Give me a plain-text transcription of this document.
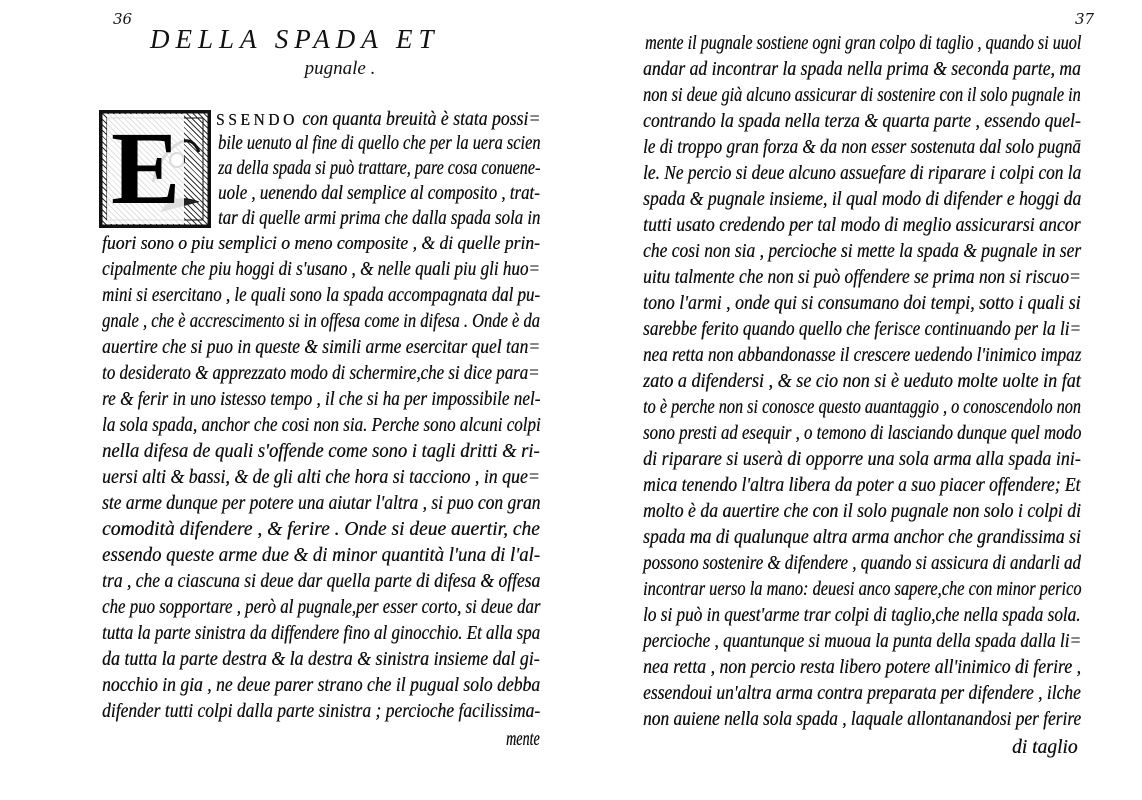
36
DELLA SPADA ET
pugnale .
E SSENDO con quanta breuità è stata possi=
bile uenuto al fine di quello che per la uera scien
za della spada si può trattare, pare cosa conuene-
uole , uenendo dal semplice al composito , trat-
tar di quelle armi prima che dalla spada sola in
fuori sono o piu semplici o meno composite , & di quelle prin-
cipalmente che piu hoggi di s'usano , & nelle quali piu gli huo=
mini si esercitano , le quali sono la spada accompagnata dal pu-
gnale , che è accrescimento si in offesa come in difesa . Onde è da
auertire che si puo in queste & simili arme esercitar quel tan=
to desiderato & apprezzato modo di schermire,che si dice para=
re & ferir in uno istesso tempo , il che si ha per impossibile nel-
la sola spada, anchor che cosi non sia. Perche sono alcuni colpi
nella difesa de quali s'offende come sono i tagli dritti & ri-
uersi alti & bassi, & de gli alti che hora si tacciono , in que=
ste arme dunque per potere una aiutar l'altra , si puo con gran
comodità difendere , & ferire . Onde si deue auertir, che
essendo queste arme due & di minor quantità l'una di l'al-
tra , che a ciascuna si deue dar quella parte di difesa & offesa
che puo sopportare , però al pugnale,per esser corto, si deue dar
tutta la parte sinistra da diffendere fino al ginocchio. Et alla spa
da tutta la parte destra & la destra & sinistra insieme dal gi-
nocchio in gia , ne deue parer strano che il pugual solo debba
difender tutti colpi dalla parte sinistra ; percioche facilissima-
mente
37
mente il pugnale sostiene ogni gran colpo di taglio , quando si uuol
andar ad incontrar la spada nella prima & seconda parte, ma
non si deue già alcuno assicurar di sostenire con il solo pugnale in
contrando la spada nella terza & quarta parte , essendo quel-
le di troppo gran forza & da non esser sostenuta dal solo pugnā
le. Ne percio si deue alcuno assuefare di riparare i colpi con la
spada & pugnale insieme, il qual modo di difender e hoggi da
tutti usato credendo per tal modo di meglio assicurarsi ancor
che cosi non sia , percioche si mette la spada & pugnale in ser
uitu talmente che non si può offendere se prima non si riscuo=
tono l'armi , onde qui si consumano doi tempi, sotto i quali si
sarebbe ferito quando quello che ferisce continuando per la li=
nea retta non abbandonasse il crescere uedendo l'inimico impaz
zato a difendersi , & se cio non si è ueduto molte uolte in fat
to è perche non si conosce questo auantaggio , o conoscendolo non
sono presti ad esequir , o temono di lasciando dunque quel modo
di riparare si userà di opporre una sola arma alla spada ini-
mica tenendo l'altra libera da poter a suo piacer offendere; Et
molto è da auertire che con il solo pugnale non solo i colpi di
spada ma di qualunque altra arma anchor che grandissima si
possono sostenire & difendere , quando si assicura di andarli ad
incontrar uerso la mano: deuesi anco sapere,che con minor perico
lo si può in quest'arme trar colpi di taglio,che nella spada sola.
percioche , quantunque si muoua la punta della spada dalla li=
nea retta , non percio resta libero potere all'inimico di ferire ,
essendoui un'altra arma contra preparata per difendere , ilche
non auiene nella sola spada , laquale allontanandosi per ferire
di taglio
